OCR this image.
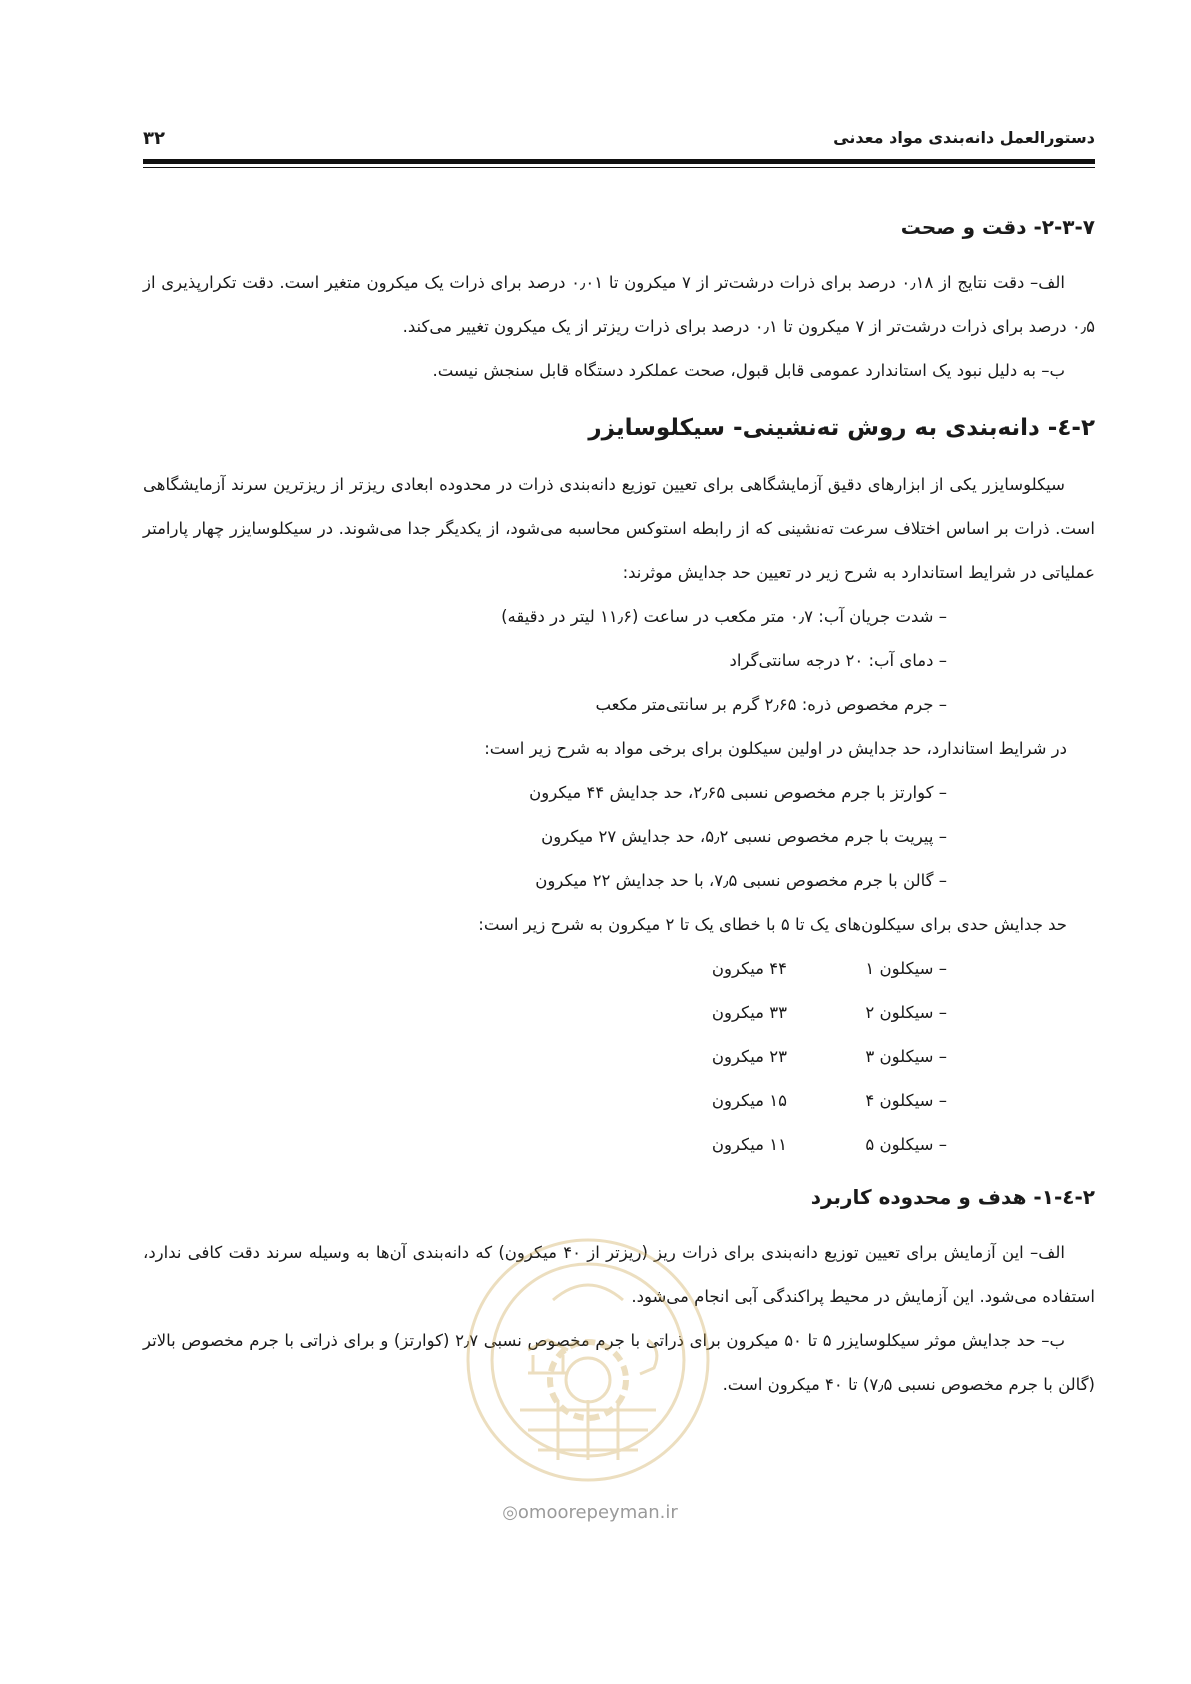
دستورالعمل دانه‌بندی مواد معدنی
۳۲
۲-۳-۷- دقت و صحت

الف– دقت نتایج از ۰٫۱۸ درصد برای ذرات درشت‌تر از ۷ میکرون تا ۰٫۰۱ درصد برای ذرات یک میکرون متغیر است. دقت تکرارپذیری از ۰٫۵ درصد برای ذرات درشت‌تر از ۷ میکرون تا ۰٫۱ درصد برای ذرات ریزتر از یک میکرون تغییر می‌کند.

ب– به دلیل نبود یک استاندارد عمومی قابل قبول، صحت عملکرد دستگاه قابل سنجش نیست.

۲-٤- دانه‌بندی به روش ته‌نشینی- سیکلوسایزر

سیکلوسایزر یکی از ابزارهای دقیق آزمایشگاهی برای تعیین توزیع دانه‌بندی ذرات در محدوده ابعادی ریزتر از ریزترین سرند آزمایشگاهی است. ذرات بر اساس اختلاف سرعت ته‌نشینی که از رابطه استوکس محاسبه می‌شود، از یکدیگر جدا می‌شوند. در سیکلوسایزر چهار پارامتر عملیاتی در شرایط استاندارد به شرح زیر در تعیین حد جدایش موثرند:

– شدت جریان آب: ۰٫۷ متر مکعب در ساعت (۱۱٫۶ لیتر در دقیقه)
– دمای آب: ۲۰ درجه سانتی‌گراد
– جرم مخصوص ذره: ۲٫۶۵ گرم بر سانتی‌متر مکعب

در شرایط استاندارد، حد جدایش در اولین سیکلون برای برخی مواد به شرح زیر است:

– کوارتز با جرم مخصوص نسبی ۲٫۶۵، حد جدایش ۴۴ میکرون
– پیریت با جرم مخصوص نسبی ۵٫۲، حد جدایش ۲۷ میکرون
– گالن با جرم مخصوص نسبی ۷٫۵، با حد جدایش ۲۲ میکرون

حد جدایش حدی برای سیکلون‌های یک تا ۵ با خطای یک تا ۲ میکرون به شرح زیر است:

– سیکلون ۱
۴۴ میکرون
– سیکلون ۲
۳۳ میکرون
– سیکلون ۳
۲۳ میکرون
– سیکلون ۴
۱۵ میکرون
– سیکلون ۵
۱۱ میکرون
۲-٤-۱- هدف و محدوده کاربرد

الف– این آزمایش برای تعیین توزیع دانه‌بندی برای ذرات ریز (ریزتر از ۴۰ میکرون) که دانه‌بندی آن‌ها به وسیله سرند دقت کافی ندارد، استفاده می‌شود. این آزمایش در محیط پراکندگی آبی انجام می‌شود.

ب– حد جدایش موثر سیکلوسایزر ۵ تا ۵۰ میکرون برای ذراتی با جرم مخصوص نسبی ۲٫۷ (کوارتز) و برای ذراتی با جرم مخصوص بالاتر (گالن با جرم مخصوص نسبی ۷٫۵) تا ۴۰ میکرون است.

◎omoorepeyman.ir
